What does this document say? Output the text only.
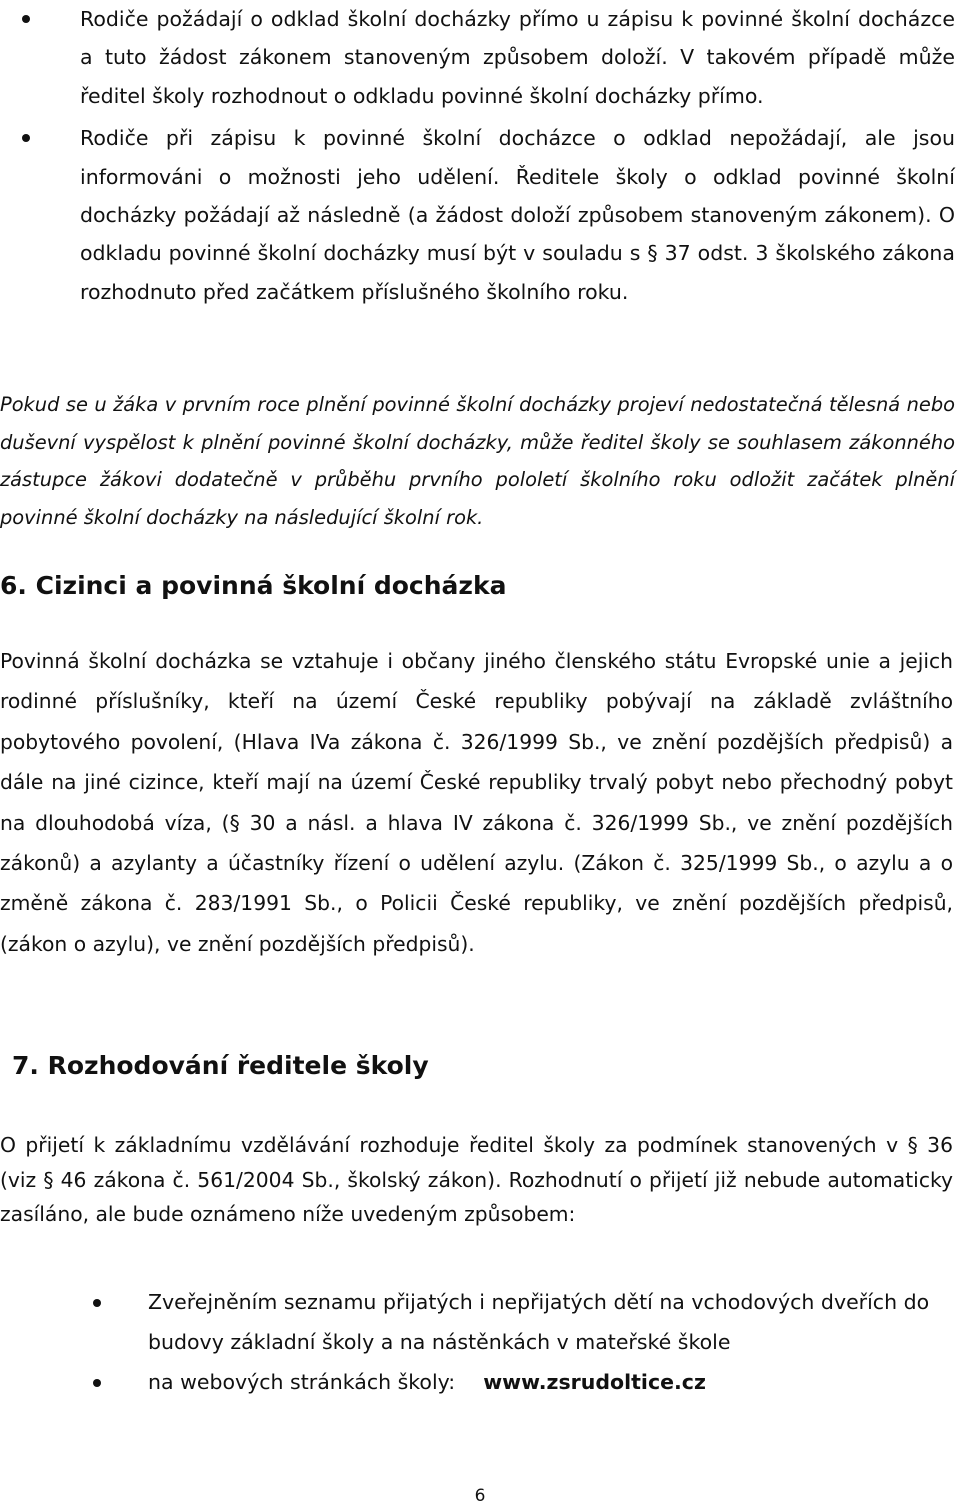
Rodiče požádají o odklad školní docházky přímo u zápisu k povinné školní docházce a tuto žádost zákonem stanoveným způsobem doloží. V takovém případě může ředitel školy rozhodnout o odkladu povinné školní docházky přímo.
Rodiče při zápisu k povinné školní docházce o odklad nepožádají, ale jsou informováni o možnosti jeho udělení. Ředitele školy o odklad povinné školní docházky požádají až následně (a žádost doloží způsobem stanoveným zákonem). O odkladu povinné školní docházky musí být v souladu s § 37 odst. 3 školského zákona rozhodnuto před začátkem příslušného školního roku.

Pokud se u žáka v prvním roce plnění povinné školní docházky projeví nedostatečná tělesná nebo duševní vyspělost k plnění povinné školní docházky, může ředitel školy se souhlasem zákonného zástupce žákovi dodatečně v průběhu prvního pololetí školního roku odložit začátek plnění povinné školní docházky na následující školní rok.

6. Cizinci a povinná školní docházka

Povinná školní docházka se vztahuje i občany jiného členského státu Evropské unie a jejich rodinné příslušníky, kteří na území České republiky pobývají na základě zvláštního pobytového povolení, (Hlava IVa zákona č. 326/1999 Sb., ve znění pozdějších předpisů) a dále na jiné cizince, kteří mají na území České republiky trvalý pobyt nebo přechodný pobyt na dlouhodobá víza, (§ 30 a násl. a hlava IV zákona č. 326/1999 Sb., ve znění pozdějších zákonů) a azylanty a účastníky řízení o udělení azylu. (Zákon č. 325/1999 Sb., o azylu a o změně zákona č. 283/1991 Sb., o Policii České republiky, ve znění pozdějších předpisů, (zákon o azylu), ve znění pozdějších předpisů).

7. Rozhodování ředitele školy

O přijetí k základnímu vzdělávání rozhoduje ředitel školy za podmínek stanovených v § 36 (viz § 46 zákona č. 561/2004 Sb., školský zákon). Rozhodnutí o přijetí již nebude automaticky zasíláno, ale bude oznámeno níže uvedeným způsobem:

Zveřejněním seznamu přijatých i nepřijatých dětí na vchodových dveřích do budovy základní školy a na nástěnkách v mateřské škole
na webových stránkách školy: www.zsrudoltice.cz
6
